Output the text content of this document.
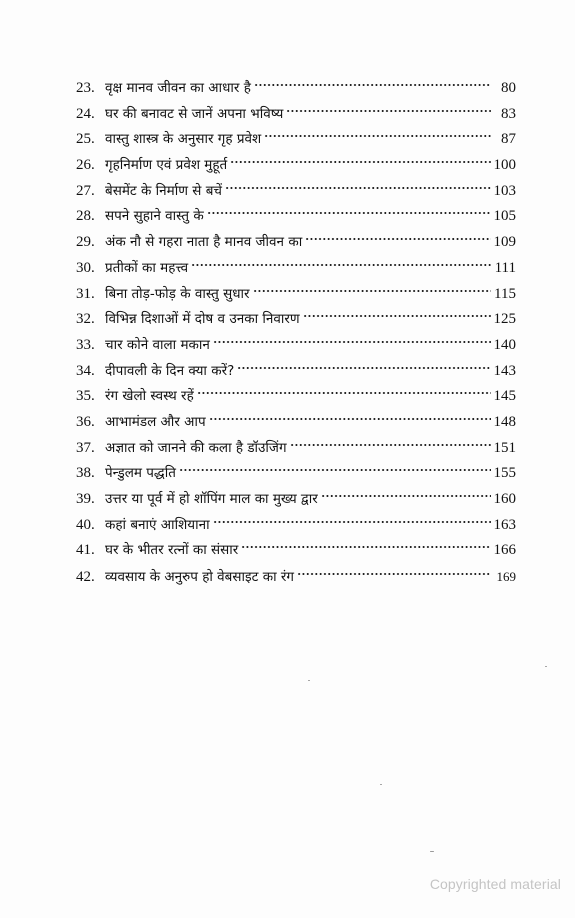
23. वृक्ष मानव जीवन का आधार है	80
24. घर की बनावट से जानें अपना भविष्य	83
25. वास्तु शास्त्र के अनुसार गृह प्रवेश	87
26. गृहनिर्माण एवं प्रवेश मुहूर्त	100
27. बेसमेंट के निर्माण से बचें	103
28. सपने सुहाने वास्तु के	105
29. अंक नौ से गहरा नाता है मानव जीवन का	109
30. प्रतीकों का महत्त्व	111
31. बिना तोड़-फोड़ के वास्तु सुधार	115
32. विभिन्न दिशाओं में दोष व उनका निवारण	125
33. चार कोने वाला मकान	140
34. दीपावली के दिन क्या करें?	143
35. रंग खेलो स्वस्थ रहें	145
36. आभामंडल और आप	148
37. अज्ञात को जानने की कला है डॉउजिंग	151
38. पेन्डुलम पद्धति	155
39. उत्तर या पूर्व में हो शॉपिंग माल का मुख्य द्वार	160
40. कहां बनाएं आशियाना	163
41. घर के भीतर रत्नों का संसार	166
42. व्यवसाय के अनुरुप हो वेबसाइट का रंग	169
Copyrighted material
